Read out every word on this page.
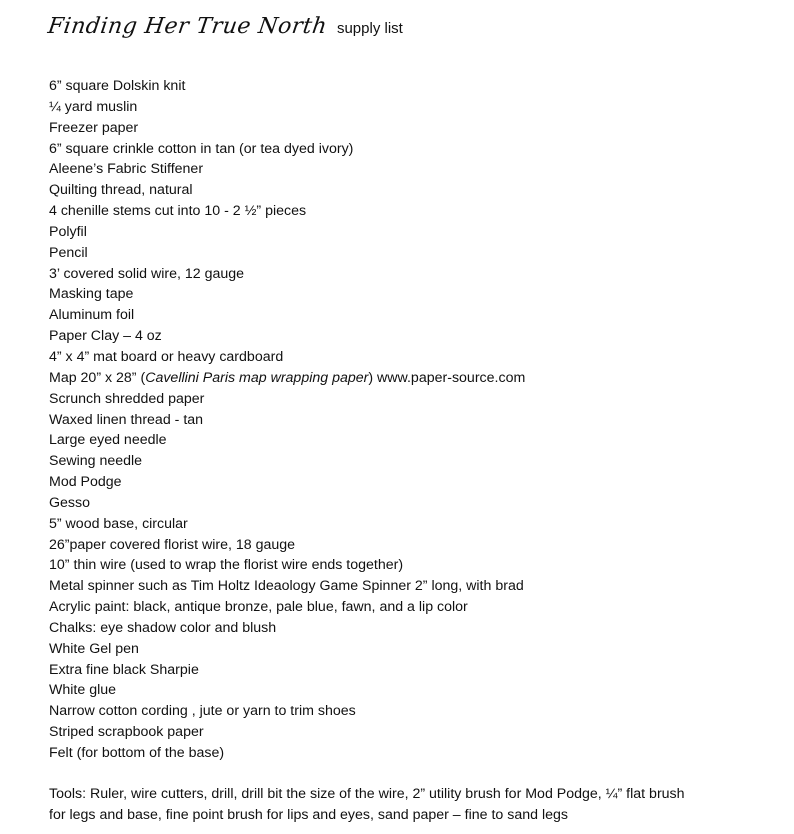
Finding Her True North supply list
6” square Dolskin knit
¼ yard muslin
Freezer paper
6” square crinkle cotton in tan (or tea dyed ivory)
Aleene’s Fabric Stiffener
Quilting thread, natural
4 chenille stems cut into 10 - 2 ½” pieces
Polyfil
Pencil
3’ covered solid wire, 12 gauge
Masking tape
Aluminum foil
Paper Clay – 4 oz
4” x 4” mat board or heavy cardboard
Map 20” x 28” (Cavellini Paris map wrapping paper) www.paper-source.com
Scrunch shredded paper
Waxed linen thread - tan
Large eyed needle
Sewing needle
Mod Podge
Gesso
5” wood base, circular
26”paper covered florist wire, 18 gauge
10” thin wire (used to wrap the florist wire ends together)
Metal spinner such as Tim Holtz Ideaology Game Spinner 2” long, with brad
Acrylic paint: black, antique bronze, pale blue, fawn, and a lip color
Chalks: eye shadow color and blush
White Gel pen
Extra fine black Sharpie
White glue
Narrow cotton cording , jute or yarn to trim shoes
Striped scrapbook paper
Felt (for bottom of the base)
Tools: Ruler, wire cutters, drill, drill bit the size of the wire, 2” utility brush for Mod Podge, ¼” flat brush
for legs and base, fine point brush for lips and eyes, sand paper – fine to sand legs
